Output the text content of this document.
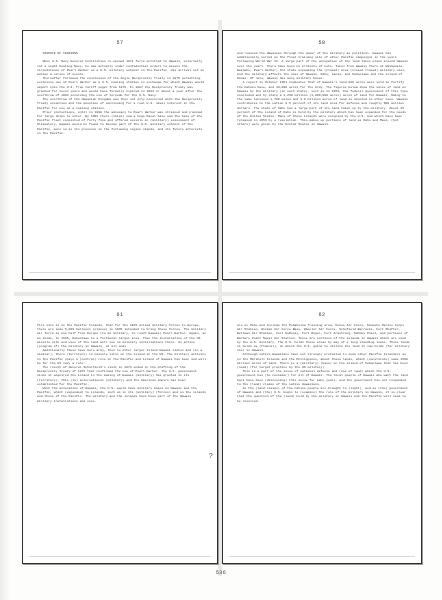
57
DISPUTE OF TENSIONS

When U.S. Navy General hostilities re-opened 1971 force entitled to Hawaii, externally not a sight beating Navy, he was actually under confidential orders to assess the circumstance of Pearl Harbor as a U.S. military outpost in the Pacific. His arrival set in motion a series of events.
Thereafter followed the conclusion of the Anglo Reciprocity Treaty in 1875 permitting exclusive use of Pearl Harbor as a U.S. coaling station in exchange for which Hawaii would import into the U.S. free tariff sugar from 1875. In 1887 the Reciprocity Treaty was granted for seven years and would have formally expired in 1894 or about a year after the overthrow of 1893 involving the use of torpedo for the U.S. Navy.
The overthrow of the Hawaiian Kingdom was then not only concerned with the Reciprocity Treaty exception and the question of continuing for a real U.S. naval interest in the Pacific for use as a coaling station.
Prior protections, until in 1898 the advocacy to Pearl Harbor was strained and planned for large ships to enter. By 1901 there (ships) now a huge Naval base and the base of the Pacific fleet consisted of forty five and offered vessels in (military) assessment of. Ultimately, Hawaii would be found to become part of the U.S. military outpost of the Pacific, more so as its presence in the following region stands, and its future interests in the Pacific.
58
and removed the Hawaiian through the power of the military as political. Hawaii has additionally served as the final training site of other Pacific campaigns in the years following World War II. A large part of the occupation of the land takes place around Hawaii over the years. There have been no protests of note. Taken from Hawaii there at Waimanalo, Waipahu, Pearl Harbor, the state expanding the (closed) area (closed closed) military uses, and the military affects the uses of Hawaii, Oahu, Lanai, and Kahoolawe and the island of Kauai. Of note, Hawaii has many military bases.
A report in October 1961 indicates that of Hawaii's land 820 acres were sold to fortify the Kahuku base, and 43,000 acres for the Army. The figures below show the sales of land on Hawaii by the military (in each state), such as in 1953, the federal government of this type concluded and by state a 1,230 million (1,000,000 acres) acres of land for Hawaii. Owing to the same tensions 1,700 miles and 1.8 million acres of land is devoted to other uses. Hawaii contributes to the nation 9.5 percent of its land area for defense and roughly $00 million dollars. The state of Oahu has a large part of its land taken up by the military. About 25 percent of the island of Oahu is held by the military which has been expanded for the needs of the United States. Many of those islands were occupied by the U.S. and which have been released in 1953 by a resolution. This makes up portions of land as Oahu and Maui, (but others) were given by the United States in Hawaii.
61
fire site is in the Pacific Islands, that for the 1945 allied military forces to Europe, there are some 5,000 balloons (planes) in 1945 intended to bring these forces. The military air force is one half from Europe (to be military, to reach Hawaii) Pearl Harbor. Again, as an aside, in 1966, Kahoolawe is a fictional target area. Then the installation of the US missile site and uses of the land will see no military installations there. An active (program of) the military in Hawaii, at all ends.
Additionally these have more army, then so other larger Island Hawaii states and (in a similar), there (territory) to missile sites on the island in the US. The military activity in the Pacific plays a (central) role in the Pacific and island of Hawaii has been and will be for the US navy a role.
The result of General Scholfield's visit in 1873 ended in the drafting of the Reciprocity Treaty of 1875 that confirmed the use of Pearl Harbor. The U.S. government since it acquired the island in the making of Hawaii (military) has granted in its (territory). This (is) international (military) and the American empire has been established for the Pacific.
With the annexation of Hawaii, the U.S. would have military bases on Hawaii and the Pacific, which (expanded) to islands, such as in its (military) (forces) and on the islands and those of the Pacific. The military and the islands have been part of the Hawaii military installations and uses.
?
62
are on Oahu and include the Pohakuloa Training area, Kokee Air Force, Kaneohe Marine Corps Air Station, Hickam Air Force Base, Wheeler Air Force, Schofield Barracks, Fort Shafter, Bellows Air Station, Fort DeRussy, Fort Ruger, Fort Armstrong, Kahuku Point, and portions of Barbers Point Naval Air Station. These are portions of the islands in Hawaii which are used by the U.S. military. The U.S. holds these areas by way of a long standing lease. These lands it holds as (federal), on which the U.S. gains to utilize the land it now holds (for military use) in Hawaii.
Although native Hawaiians have not strongly protested in some other Pacific Islanders as in the Marshall Islands and the Philippines, about these lands, which (constitute) some 1500 million acres of land. There is a (military) (base) on the island of Kahoolawe that has been (used) (for target practice by the US military).
This is a part of the issue of national defense and (use of land) which the U.S. government has (to consider) for all of Hawaii. The local people of Hawaii who want the land back have been (discussing) this issue for many years, and the government has not responded to the (land) claims of the native Hawaiians.
As the (land claims) of the native people are brought to (light), and as (the) government of Hawaii and (the) U.S. begin to (examine) the role of the military in Hawaii, it is clear that the question of the (land) held by the military in Hawaii and the Pacific will need to be resolved.
536
